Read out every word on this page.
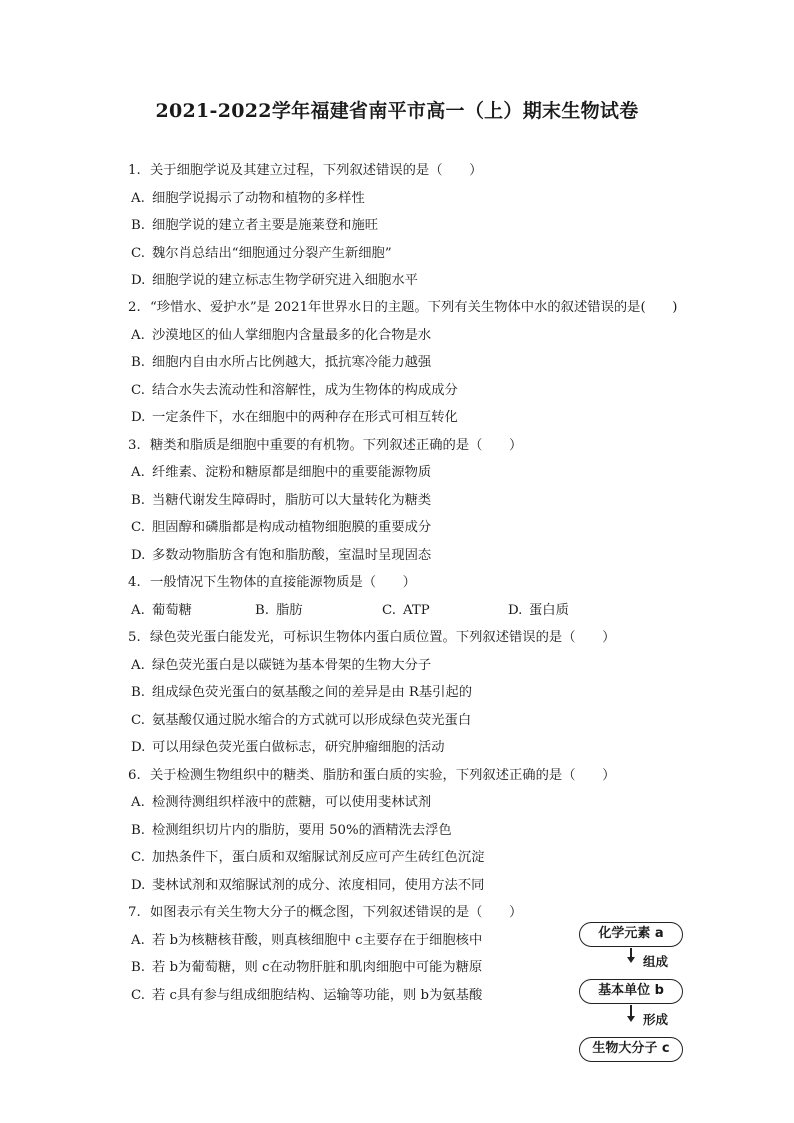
2021-2022学年福建省南平市高一（上）期末生物试卷
1. 关于细胞学说及其建立过程，下列叙述错误的是（　　）
A. 细胞学说揭示了动物和植物的多样性
B. 细胞学说的建立者主要是施莱登和施旺
C. 魏尔肖总结出“细胞通过分裂产生新细胞”
D. 细胞学说的建立标志生物学研究进入细胞水平
2. “珍惜水、爱护水”是 2021年世界水日的主题。下列有关生物体中水的叙述错误的是(　　)
A. 沙漠地区的仙人掌细胞内含量最多的化合物是水
B. 细胞内自由水所占比例越大，抵抗寒冷能力越强
C. 结合水失去流动性和溶解性，成为生物体的构成成分
D. 一定条件下，水在细胞中的两种存在形式可相互转化
3. 糖类和脂质是细胞中重要的有机物。下列叙述正确的是（　　）
A. 纤维素、淀粉和糖原都是细胞中的重要能源物质
B. 当糖代谢发生障碍时，脂肪可以大量转化为糖类
C. 胆固醇和磷脂都是构成动植物细胞膜的重要成分
D. 多数动物脂肪含有饱和脂肪酸，室温时呈现固态
4. 一般情况下生物体的直接能源物质是（　　）
A. 葡萄糖	B. 脂肪	C. ATP	D. 蛋白质
5. 绿色荧光蛋白能发光，可标识生物体内蛋白质位置。下列叙述错误的是（　　）
A. 绿色荧光蛋白是以碳链为基本骨架的生物大分子
B. 组成绿色荧光蛋白的氨基酸之间的差异是由 R基引起的
C. 氨基酸仅通过脱水缩合的方式就可以形成绿色荧光蛋白
D. 可以用绿色荧光蛋白做标志，研究肿瘤细胞的活动
6. 关于检测生物组织中的糖类、脂肪和蛋白质的实验，下列叙述正确的是（　　）
A. 检测待测组织样液中的蔗糖，可以使用斐林试剂
B. 检测组织切片内的脂肪，要用 50%的酒精洗去浮色
C. 加热条件下，蛋白质和双缩脲试剂反应可产生砖红色沉淀
D. 斐林试剂和双缩脲试剂的成分、浓度相同，使用方法不同
7. 如图表示有关生物大分子的概念图，下列叙述错误的是（　　）
A. 若 b为核糖核苷酸，则真核细胞中 c主要存在于细胞核中
B. 若 b为葡萄糖，则 c在动物肝脏和肌肉细胞中可能为糖原
C. 若 c具有参与组成细胞结构、运输等功能，则 b为氨基酸
化学元素 a
组成
基本单位 b
形成
生物大分子 c
